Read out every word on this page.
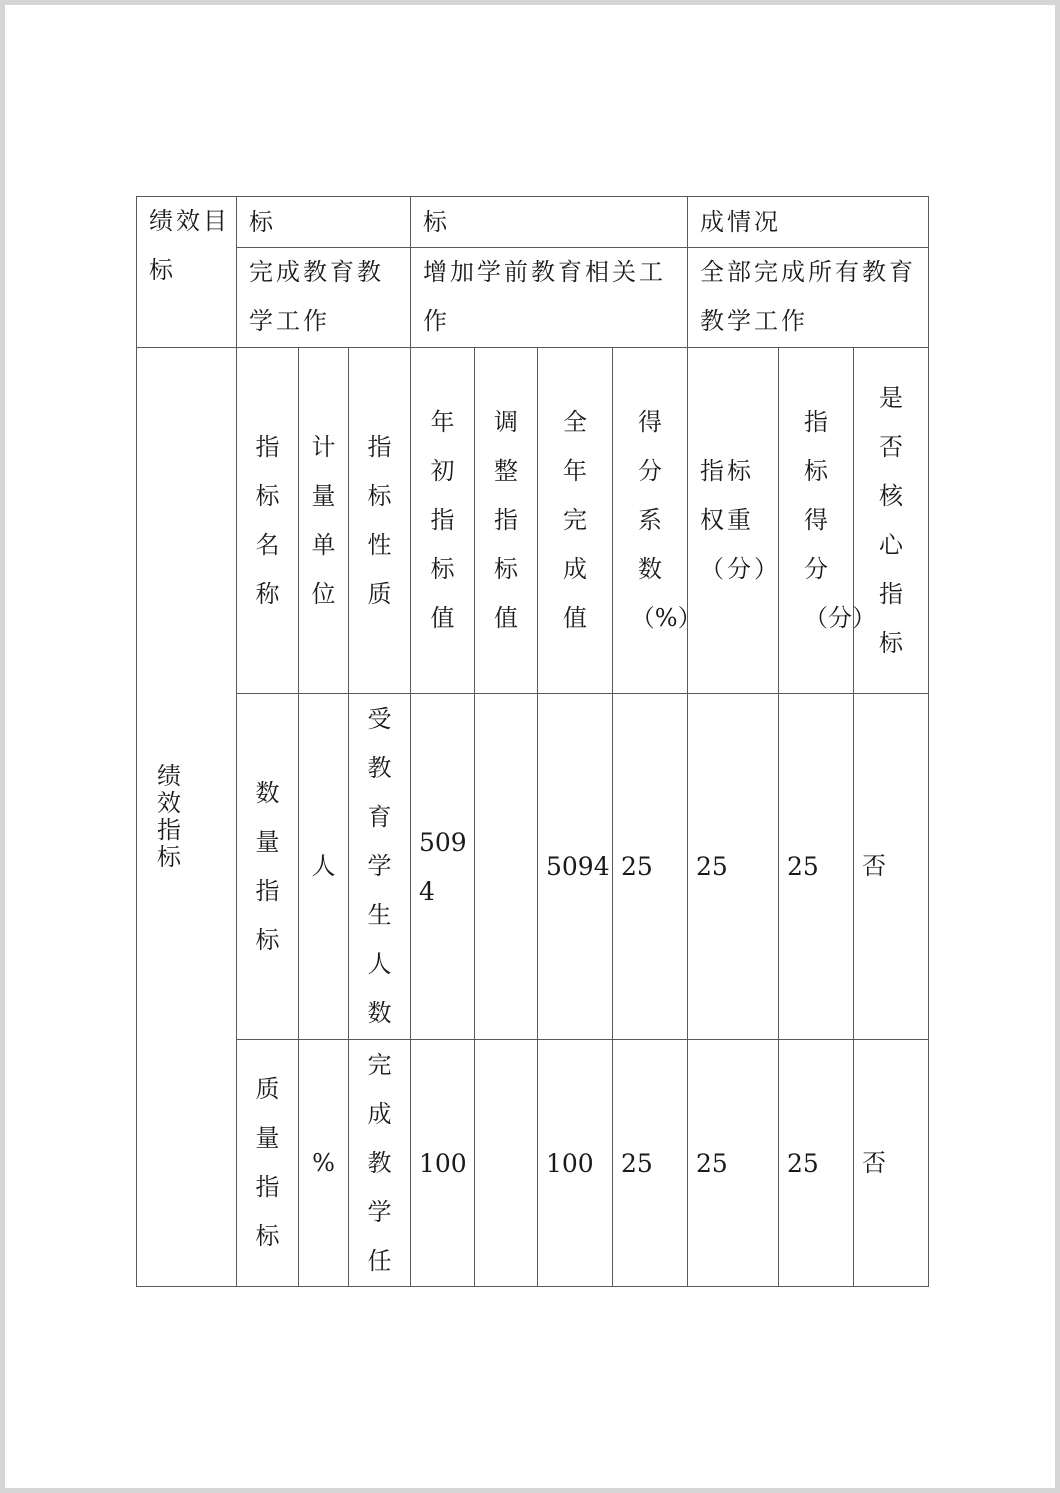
绩效目标	标			标				成情况		

	完成教育教学工作			增加学前教育相关工作				全部完成所有教育教学工作		

绩效指标	指标名称	计量单位	指标性质	年初指标值	调整指标值	全年完成值	得分系数（%）	指标权重（分）	指标得分（分）	是否核心指标

	数量指标	人	受教育学生人数	5094		5094	25	25	25	否

	质量指标	%	完成教学任	100		100	25	25	25	否
